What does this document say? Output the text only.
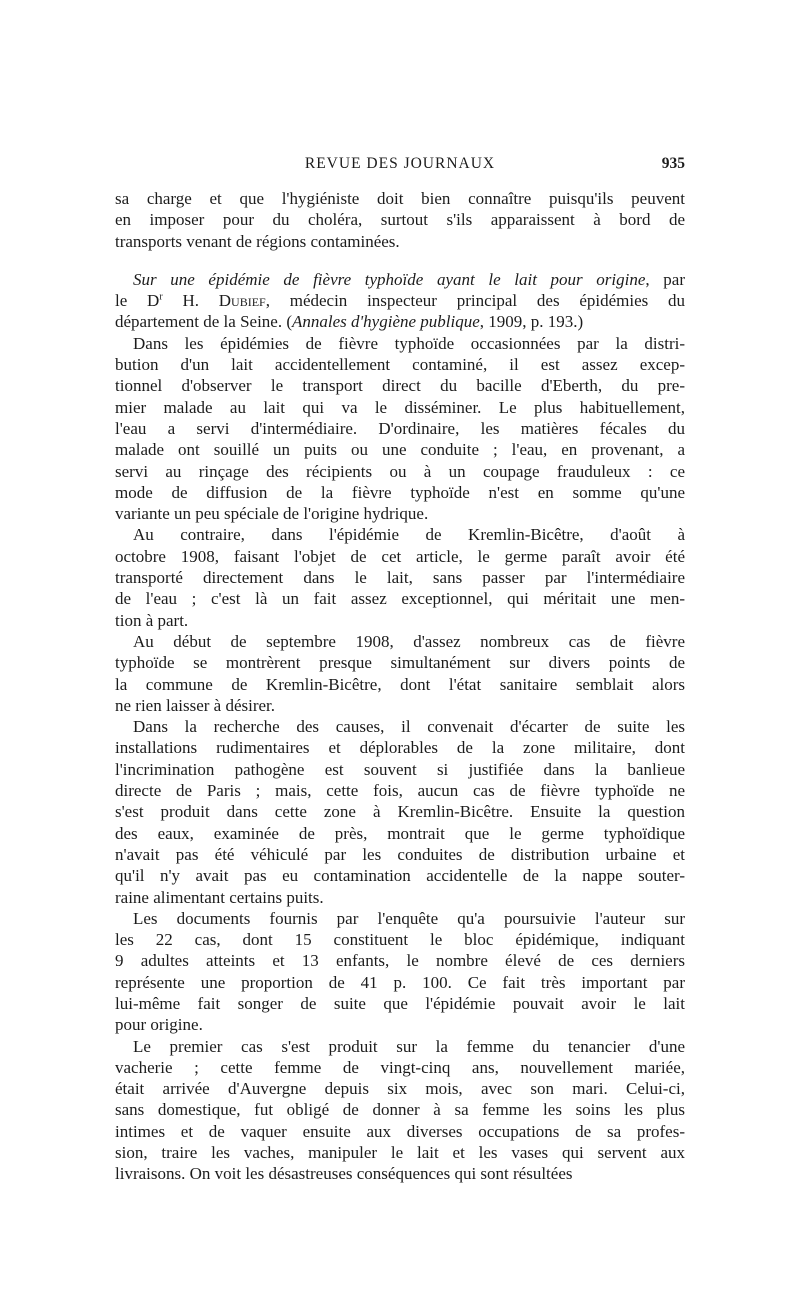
REVUE DES JOURNAUX	935
sa charge et que l'hygiéniste doit bien connaître puisqu'ils peuvent
en imposer pour du choléra, surtout s'ils apparaissent à bord de
transports venant de régions contaminées.
Sur une épidémie de fièvre typhoïde ayant le lait pour origine, par
le $D^r$ H. Dubief, médecin inspecteur principal des épidémies du
département de la Seine. (Annales d'hygiène publique, 1909, p. 193.)
Dans les épidémies de fièvre typhoïde occasionnées par la distri-
bution d'un lait accidentellement contaminé, il est assez excep-
tionnel d'observer le transport direct du bacille d'Eberth, du pre-
mier malade au lait qui va le disséminer. Le plus habituellement,
l'eau a servi d'intermédiaire. D'ordinaire, les matières fécales du
malade ont souillé un puits ou une conduite ; l'eau, en provenant, a
servi au rinçage des récipients ou à un coupage frauduleux : ce
mode de diffusion de la fièvre typhoïde n'est en somme qu'une
variante un peu spéciale de l'origine hydrique.
Au contraire, dans l'épidémie de Kremlin-Bicêtre, d'août à
octobre 1908, faisant l'objet de cet article, le germe paraît avoir été
transporté directement dans le lait, sans passer par l'intermédiaire
de l'eau ; c'est là un fait assez exceptionnel, qui méritait une men-
tion à part.
Au début de septembre 1908, d'assez nombreux cas de fièvre
typhoïde se montrèrent presque simultanément sur divers points de
la commune de Kremlin-Bicêtre, dont l'état sanitaire semblait alors
ne rien laisser à désirer.
Dans la recherche des causes, il convenait d'écarter de suite les
installations rudimentaires et déplorables de la zone militaire, dont
l'incrimination pathogène est souvent si justifiée dans la banlieue
directe de Paris ; mais, cette fois, aucun cas de fièvre typhoïde ne
s'est produit dans cette zone à Kremlin-Bicêtre. Ensuite la question
des eaux, examinée de près, montrait que le germe typhoïdique
n'avait pas été véhiculé par les conduites de distribution urbaine et
qu'il n'y avait pas eu contamination accidentelle de la nappe souter-
raine alimentant certains puits.
Les documents fournis par l'enquête qu'a poursuivie l'auteur sur
les 22 cas, dont 15 constituent le bloc épidémique, indiquant
9 adultes atteints et 13 enfants, le nombre élevé de ces derniers
représente une proportion de 41 p. 100. Ce fait très important par
lui-même fait songer de suite que l'épidémie pouvait avoir le lait
pour origine.
Le premier cas s'est produit sur la femme du tenancier d'une
vacherie ; cette femme de vingt-cinq ans, nouvellement mariée,
était arrivée d'Auvergne depuis six mois, avec son mari. Celui-ci,
sans domestique, fut obligé de donner à sa femme les soins les plus
intimes et de vaquer ensuite aux diverses occupations de sa profes-
sion, traire les vaches, manipuler le lait et les vases qui servent aux
livraisons. On voit les désastreuses conséquences qui sont résultées
